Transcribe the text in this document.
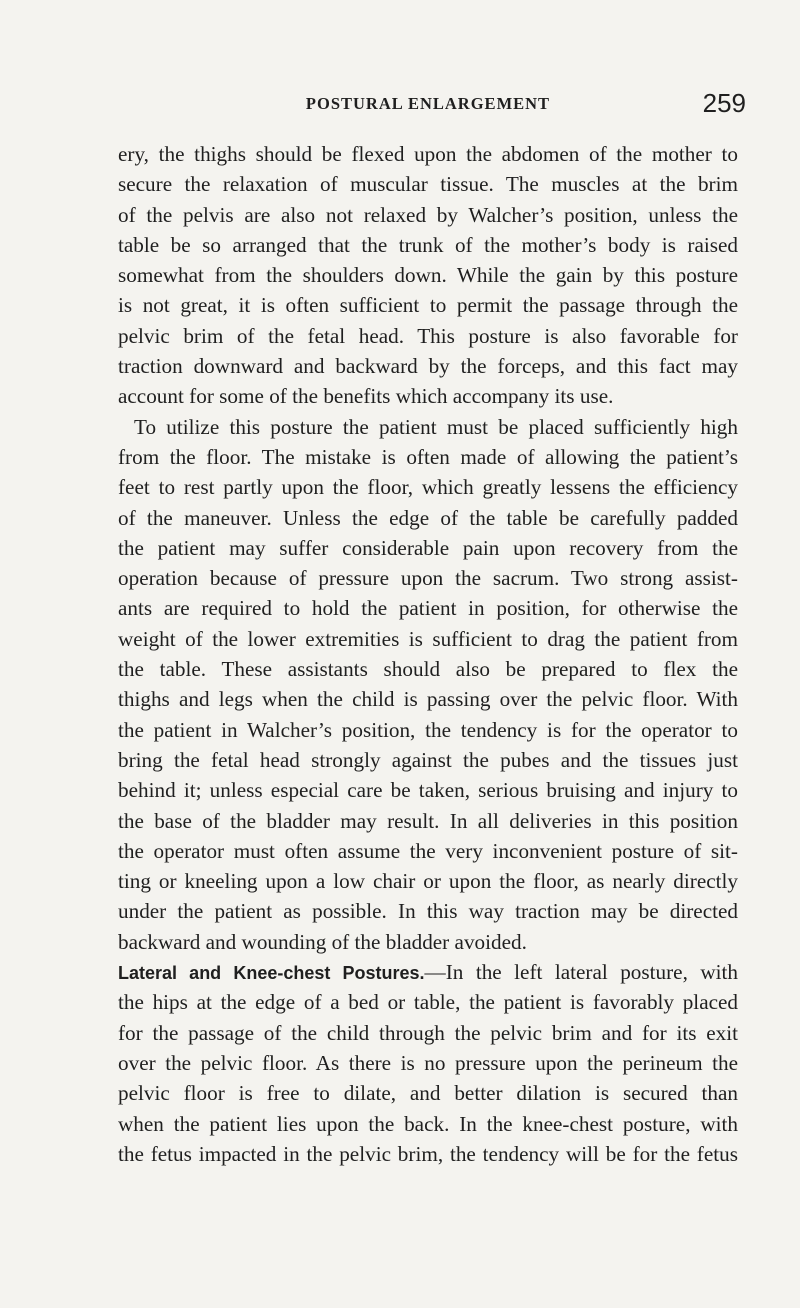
POSTURAL ENLARGEMENT	259
ery, the thighs should be flexed upon the abdomen of the mother to
secure the relaxation of muscular tissue. The muscles at the brim
of the pelvis are also not relaxed by Walcher’s position, unless the
table be so arranged that the trunk of the mother’s body is raised
somewhat from the shoulders down. While the gain by this posture
is not great, it is often sufficient to permit the passage through the
pelvic brim of the fetal head. This posture is also favorable for
traction downward and backward by the forceps, and this fact may
account for some of the benefits which accompany its use.
To utilize this posture the patient must be placed sufficiently high
from the floor. The mistake is often made of allowing the patient’s
feet to rest partly upon the floor, which greatly lessens the efficiency
of the maneuver. Unless the edge of the table be carefully padded
the patient may suffer considerable pain upon recovery from the
operation because of pressure upon the sacrum. Two strong assist-
ants are required to hold the patient in position, for otherwise the
weight of the lower extremities is sufficient to drag the patient from
the table. These assistants should also be prepared to flex the
thighs and legs when the child is passing over the pelvic floor. With
the patient in Walcher’s position, the tendency is for the operator to
bring the fetal head strongly against the pubes and the tissues just
behind it; unless especial care be taken, serious bruising and injury to
the base of the bladder may result. In all deliveries in this position
the operator must often assume the very inconvenient posture of sit-
ting or kneeling upon a low chair or upon the floor, as nearly directly
under the patient as possible. In this way traction may be directed
backward and wounding of the bladder avoided.
Lateral and Knee-chest Postures.—In the left lateral posture, with
the hips at the edge of a bed or table, the patient is favorably placed
for the passage of the child through the pelvic brim and for its exit
over the pelvic floor. As there is no pressure upon the perineum the
pelvic floor is free to dilate, and better dilation is secured than
when the patient lies upon the back. In the knee-chest posture, with
the fetus impacted in the pelvic brim, the tendency will be for the fetus
